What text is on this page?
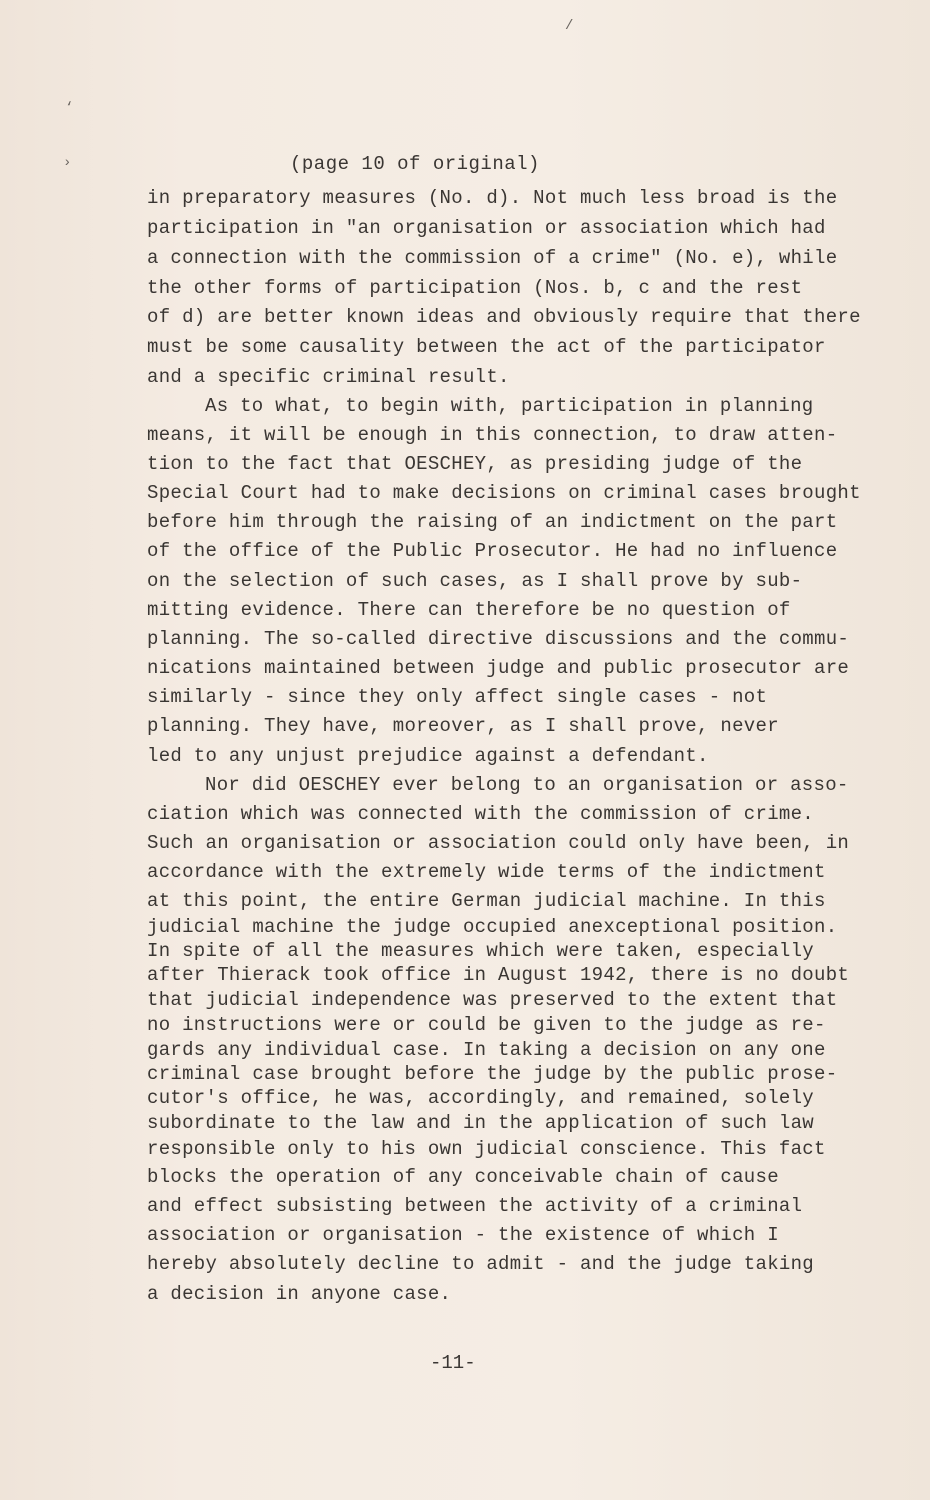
/
‘
›	(page 10 of original)
in preparatory measures (No. d). Not much less broad is the
participation in "an organisation or association which had
a connection with the commission of a crime" (No. e), while
the other forms of participation (Nos. b, c and the rest
of d) are better known ideas and obviously require that there
must be some causality between the act of the participator
and a specific criminal result.
As to what, to begin with, participation in planning
means, it will be enough in this connection, to draw atten-
tion to the fact that OESCHEY, as presiding judge of the
Special Court had to make decisions on criminal cases brought
before him through the raising of an indictment on the part
of the office of the Public Prosecutor. He had no influence
on the selection of such cases, as I shall prove by sub-
mitting evidence. There can therefore be no question of
planning. The so-called directive discussions and the commu-
nications maintained between judge and public prosecutor are
similarly - since they only affect single cases - not
planning. They have, moreover, as I shall prove, never
led to any unjust prejudice against a defendant.
Nor did OESCHEY ever belong to an organisation or asso-
ciation which was connected with the commission of crime.
Such an organisation or association could only have been, in
accordance with the extremely wide terms of the indictment
at this point, the entire German judicial machine. In this
judicial machine the judge occupied anexceptional position.
In spite of all the measures which were taken, especially
after Thierack took office in August 1942, there is no doubt
that judicial independence was preserved to the extent that
no instructions were or could be given to the judge as re-
gards any individual case. In taking a decision on any one
criminal case brought before the judge by the public prose-
cutor's office, he was, accordingly, and remained, solely
subordinate to the law and in the application of such law
responsible only to his own judicial conscience. This fact
blocks the operation of any conceivable chain of cause
and effect subsisting between the activity of a criminal
association or organisation - the existence of which I
hereby absolutely decline to admit - and the judge taking
a decision in anyone case.
-11-
